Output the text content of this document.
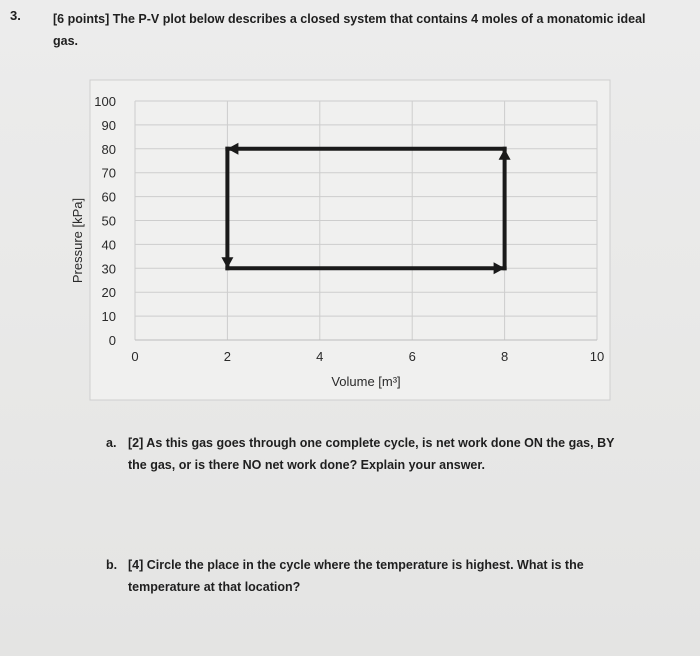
3.	[6 points] The P-V plot below describes a closed system that contains 4 moles of a monatomic ideal gas.
100
90
80
70
60
50
40
30
20
10
0
0	2	4	6	8	10
Volume [m³]
Pressure [kPa]
a. [2] As this gas goes through one complete cycle, is net work done ON the gas, BY the gas, or is there NO net work done? Explain your answer.
b. [4] Circle the place in the cycle where the temperature is highest. What is the temperature at that location?
